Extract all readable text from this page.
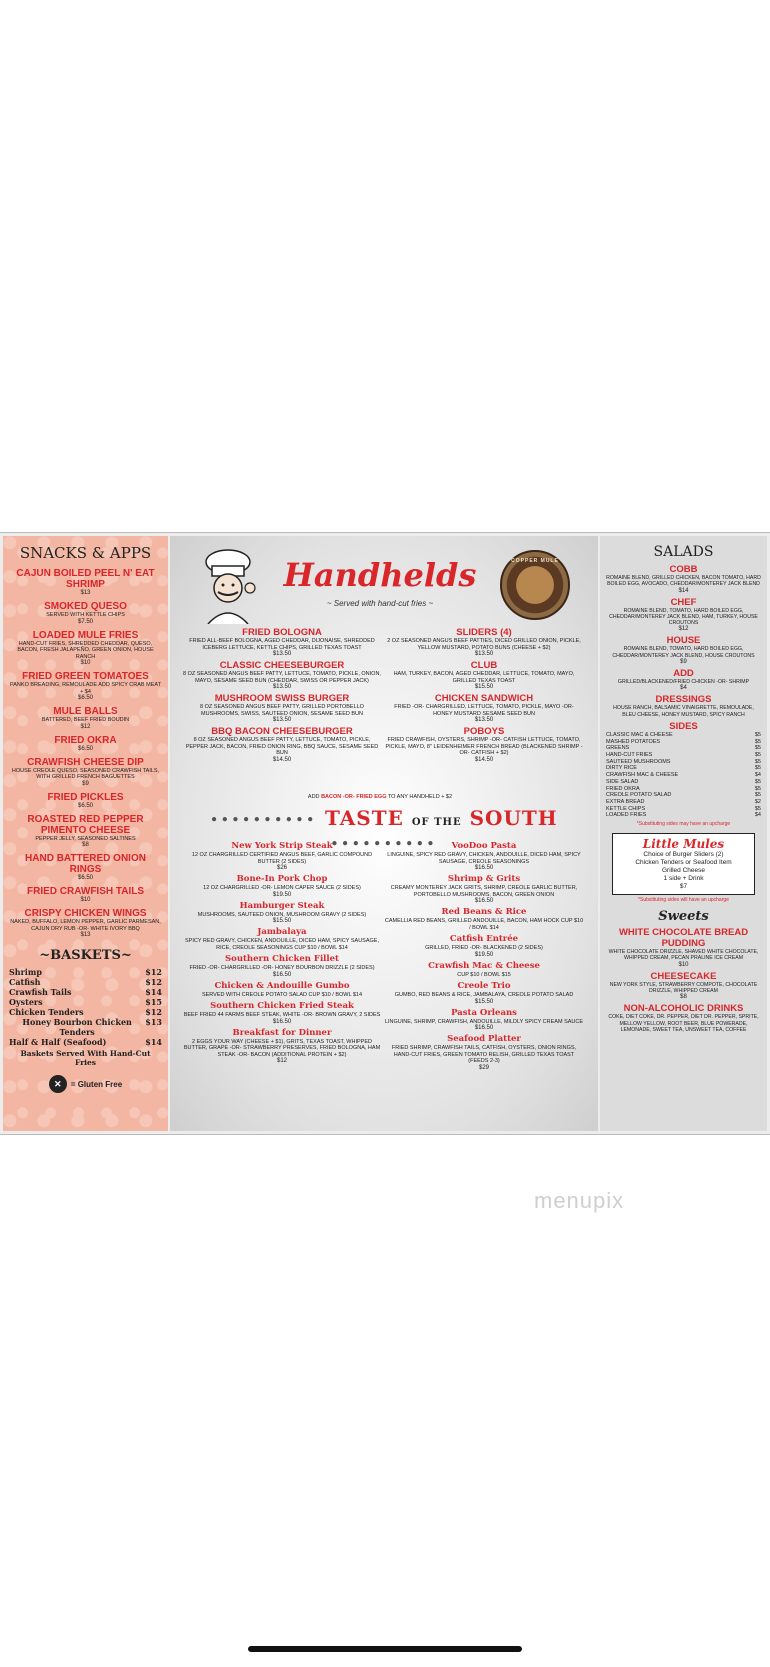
SNACKS & APPS
CAJUN BOILED PEEL N' EAT SHRIMP
$13
SMOKED QUESO
SERVED WITH KETTLE CHIPS
$7.50
LOADED MULE FRIES
HAND-CUT FRIES, SHREDDED CHEDDAR, QUESO, BACON, FRESH JALAPEÑO, GREEN ONION, HOUSE RANCH
$10
FRIED GREEN TOMATOES
PANKO BREADING, REMOULADE ADD SPICY CRAB MEAT + $4
$6.50
MULE BALLS
BATTERED, BEEF FRIED BOUDIN
$12
FRIED OKRA
$6.50
CRAWFISH CHEESE DIP
HOUSE CREOLE QUESO, SEASONED CRAWFISH TAILS, WITH GRILLED FRENCH BAGUETTES
$9
FRIED PICKLES
$6.50
ROASTED RED PEPPER PIMENTO CHEESE
PEPPER JELLY, SEASONED SALTINES
$8
HAND BATTERED ONION RINGS
$6.50
FRIED CRAWFISH TAILS
$10
CRISPY CHICKEN WINGS
NAKED, BUFFALO, LEMON PEPPER, GARLIC PARMESAN, CAJUN DRY RUB -OR- WHITE IVORY BBQ
$13
~BASKETS~
Shrimp	$12
Catfish	$12
Crawfish Tails	$14
Oysters	$15
Chicken Tenders	$12
Honey Bourbon Chicken Tenders
$13
Half & Half (Seafood)	$14
Baskets Served With Hand-Cut Fries
✕	= Gluten Free
Handhelds
~ Served with hand-cut fries ~
COPPER MULE
FRIED BOLOGNA
FRIED ALL-BEEF BOLOGNA, AGED CHEDDAR, DIJONAISE, SHREDDED ICEBERG LETTUCE, KETTLE CHIPS, GRILLED TEXAS TOAST
$13.50
CLASSIC CHEESEBURGER
8 OZ SEASONED ANGUS BEEF PATTY, LETTUCE, TOMATO, PICKLE, ONION, MAYO, SESAME SEED BUN (CHEDDAR, SWISS OR PEPPER JACK)
$13.50
MUSHROOM SWISS BURGER
8 OZ SEASONED ANGUS BEEF PATTY, GRILLED PORTOBELLO MUSHROOMS, SWISS, SAUTEED ONION, SESAME SEED BUN
$13.50
BBQ BACON CHEESEBURGER
8 OZ SEASONED ANGUS BEEF PATTY, LETTUCE, TOMATO, PICKLE, PEPPER JACK, BACON, FRIED ONION RING, BBQ SAUCE, SESAME SEED BUN
$14.50
SLIDERS (4)
2 OZ SEASONED ANGUS BEEF PATTIES, DICED GRILLED ONION, PICKLE, YELLOW MUSTARD, POTATO BUNS (CHEESE + $2)
$13.50
CLUB
HAM, TURKEY, BACON, AGED CHEDDAR, LETTUCE, TOMATO, MAYO, GRILLED TEXAS TOAST
$15.50
CHICKEN SANDWICH
FRIED -OR- CHARGRILLED, LETTUCE, TOMATO, PICKLE, MAYO -OR- HONEY MUSTARD SESAME SEED BUN
$13.50
POBOYS
FRIED CRAWFISH, OYSTERS, SHRIMP -OR- CATFISH LETTUCE, TOMATO, PICKLE, MAYO, 8" LEIDENHEIMER FRENCH BREAD (BLACKENED SHRIMP -OR- CATFISH + $2)
$14.50
ADD BACON -OR- FRIED EGG TO ANY HANDHELD + $2
•••••••••• TASTE OF THE SOUTH ••••••••••
New York Strip Steak
12 OZ CHARGRILLED CERTIFIED ANGUS BEEF, GARLIC COMPOUND BUTTER (2 SIDES)
$26
Bone-In Pork Chop
12 OZ CHARGRILLED -OR- LEMON CAPER SAUCE (2 SIDES)
$19.50
Hamburger Steak
MUSHROOMS, SAUTEED ONION, MUSHROOM GRAVY (2 SIDES)
$15.50
Jambalaya
SPICY RED GRAVY, CHICKEN, ANDOUILLE, DICED HAM, SPICY SAUSAGE, RICE, CREOLE SEASONINGS CUP $10 / BOWL $14
Southern Chicken Fillet
FRIED -OR- CHARGRILLED -OR- HONEY BOURBON DRIZZLE (2 SIDES)
$16.50
Chicken & Andouille Gumbo
SERVED WITH CREOLE POTATO SALAD CUP $10 / BOWL $14
Southern Chicken Fried Steak
BEEF FRIED 44 FARMS BEEF STEAK, WHITE -OR- BROWN GRAVY, 2 SIDES
$16.50
Breakfast for Dinner
2 EGGS YOUR WAY (CHEESE + $1), GRITS, TEXAS TOAST, WHIPPED BUTTER, GRAPE -OR- STRAWBERRY PRESERVES, FRIED BOLOGNA, HAM STEAK -OR- BACON (ADDITIONAL PROTEIN + $2)
$12
VooDoo Pasta
LINGUINE, SPICY RED GRAVY, CHICKEN, ANDOUILLE, DICED HAM, SPICY SAUSAGE, CREOLE SEASONINGS
$16.50
Shrimp & Grits
CREAMY MONTEREY JACK GRITS, SHRIMP, CREOLE GARLIC BUTTER, PORTOBELLO MUSHROOMS, BACON, GREEN ONION
$16.50
Red Beans & Rice
CAMELLIA RED BEANS, GRILLED ANDOUILLE, BACON, HAM HOCK CUP $10 / BOWL $14
Catfish Entrée
GRILLED, FRIED -OR- BLACKENED (2 SIDES)
$19.50
Crawfish Mac & Cheese
CUP $10 / BOWL $15
Creole Trio
GUMBO, RED BEANS & RICE, JAMBALAYA, CREOLE POTATO SALAD
$15.50
Pasta Orleans
LINGUINE, SHRIMP, CRAWFISH, ANDOUILLE, MILDLY SPICY CREAM SAUCE
$16.50
Seafood Platter
FRIED SHRIMP, CRAWFISH TAILS, CATFISH, OYSTERS, ONION RINGS, HAND-CUT FRIES, GREEN TOMATO RELISH, GRILLED TEXAS TOAST (FEEDS 2-3)
$29
SALADS
COBB
ROMAINE BLEND, GRILLED CHICKEN, BACON TOMATO, HARD BOILED EGG, AVOCADO, CHEDDAR/MONTEREY JACK BLEND
$14
CHEF
ROMAINE BLEND, TOMATO, HARD BOILED EGG, CHEDDAR/MONTEREY JACK BLEND, HAM, TURKEY, HOUSE CROUTONS
$12
HOUSE
ROMAINE BLEND, TOMATO, HARD BOILED EGG, CHEDDAR/MONTEREY JACK BLEND, HOUSE CROUTONS
$9
ADD
GRILLED/BLACKENED/FRIED CHICKEN -OR- SHRIMP
$4
DRESSINGS
HOUSE RANCH, BALSAMIC VINAIGRETTE, REMOULADE, BLEU CHEESE, HONEY MUSTARD, SPICY RANCH
SIDES
CLASSIC MAC & CHEESE	$5
MASHED POTATOES	$5
GREENS	$5
HAND-CUT FRIES	$5
SAUTEED MUSHROOMS	$5
DIRTY RICE	$5
CRAWFISH MAC & CHEESE	$4
SIDE SALAD	$5
FRIED OKRA	$5
CREOLE POTATO SALAD	$5
EXTRA BREAD	$2
KETTLE CHIPS	$5
LOADED FRIES	$4
*Substituting sides may have an upcharge
Little Mules
Choice of Burger Sliders (2)
Chicken Tenders or Seafood Item
Grilled Cheese
1 side + Drink
$7
*Substituting sides will have an upcharge
Sweets
WHITE CHOCOLATE BREAD PUDDING
WHITE CHOCOLATE DRIZZLE, SHAVED WHITE CHOCOLATE, WHIPPED CREAM, PECAN PRALINE ICE CREAM
$10
CHEESECAKE
NEW YORK STYLE, STRAWBERRY COMPOTE, CHOCOLATE DRIZZLE, WHIPPED CREAM
$8
NON-ALCOHOLIC DRINKS
COKE, DIET COKE, DR. PEPPER, DIET DR. PEPPER, SPRITE, MELLOW YELLOW, ROOT BEER, BLUE POWERADE, LEMONADE, SWEET TEA, UNSWEET TEA, COFFEE
menupix
